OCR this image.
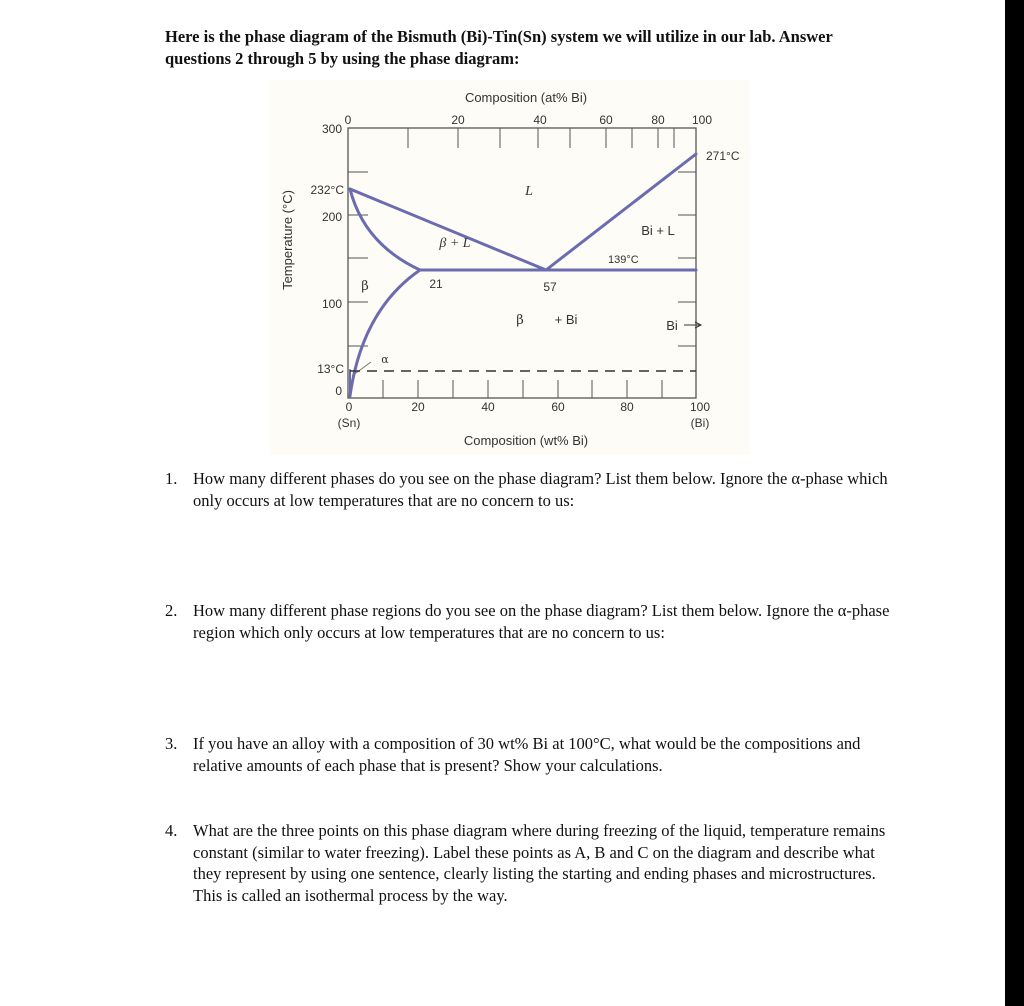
Here is the phase diagram of the Bismuth (Bi)-Tin(Sn) system we will utilize in our lab. Answer questions 2 through 5 by using the phase diagram:

Composition (at% Bi)
Composition (wt% Bi)
Temperature (°C)
0	20	40	60	80 100
0	20	40	60	80	100
(Sn)	(Bi)
300
200
100
0
232°C
13°C
271°C
139°C
L
β + L
Bi + L
β
α
β + Bi	Bi
21	57
1. How many different phases do you see on the phase diagram? List them below. Ignore the α-phase which only occurs at low temperatures that are no concern to us:
2. How many different phase regions do you see on the phase diagram? List them below. Ignore the α-phase region which only occurs at low temperatures that are no concern to us:
3. If you have an alloy with a composition of 30 wt% Bi at 100°C, what would be the compositions and relative amounts of each phase that is present? Show your calculations.
4. What are the three points on this phase diagram where during freezing of the liquid, temperature remains constant (similar to water freezing). Label these points as A, B and C on the diagram and describe what they represent by using one sentence, clearly listing the starting and ending phases and microstructures. This is called an isothermal process by the way.
